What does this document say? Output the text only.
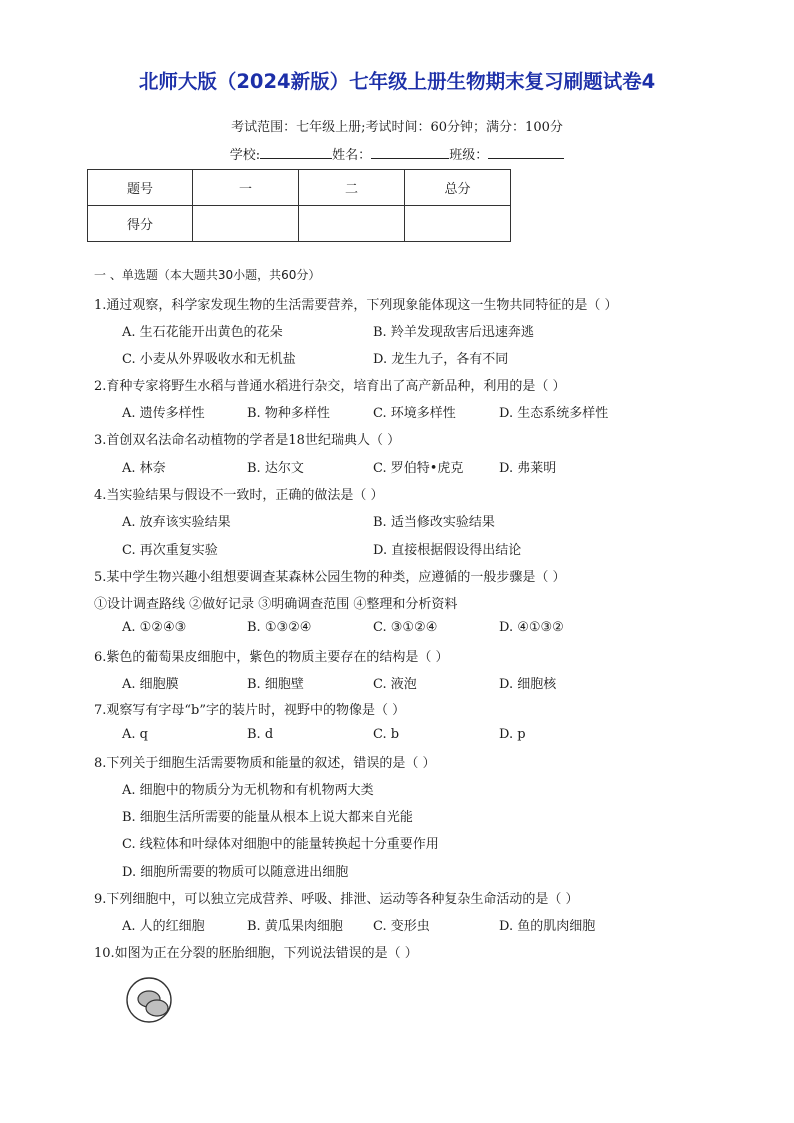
北师大版（2024新版）七年级上册生物期末复习刷题试卷4
考试范围：七年级上册;考试时间：60分钟；满分：100分
学校:	姓名：	班级：
题号	一	二	总分
得分			
一 、单选题（本大题共30小题，共60分）
1.通过观察，科学家发现生物的生活需要营养，下列现象能体现这一生物共同特征的是（ ）
A. 生石花能开出黄色的花朵	B. 羚羊发现敌害后迅速奔逃
C. 小麦从外界吸收水和无机盐	D. 龙生九子，各有不同
2.育种专家将野生水稻与普通水稻进行杂交，培育出了高产新品种，利用的是（ ）
A. 遗传多样性	B. 物种多样性	C. 环境多样性	D. 生态系统多样性
3.首创双名法命名动植物的学者是18世纪瑞典人（ ）
A. 林奈	B. 达尔文	C. 罗伯特•虎克	D. 弗莱明
4.当实验结果与假设不一致时，正确的做法是（ ）
A. 放弃该实验结果	B. 适当修改实验结果
C. 再次重复实验	D. 直接根据假设得出结论
5.某中学生物兴趣小组想要调查某森林公园生物的种类，应遵循的一般步骤是（ ）
①设计调查路线 ②做好记录 ③明确调查范围 ④整理和分析资料
A. ①②④③	B. ①③②④	C. ③①②④	D. ④①③②
6.紫色的葡萄果皮细胞中，紫色的物质主要存在的结构是（ ）
A. 细胞膜	B. 细胞壁	C. 液泡	D. 细胞核
7.观察写有字母“b”字的装片时，视野中的物像是（ ）
A. q	B. d	C. b	D. p
8.下列关于细胞生活需要物质和能量的叙述，错误的是（ ）
A. 细胞中的物质分为无机物和有机物两大类
B. 细胞生活所需要的能量从根本上说大都来自光能
C. 线粒体和叶绿体对细胞中的能量转换起十分重要作用
D. 细胞所需要的物质可以随意进出细胞
9.下列细胞中，可以独立完成营养、呼吸、排泄、运动等各种复杂生命活动的是（ ）
A. 人的红细胞	B. 黄瓜果肉细胞 C. 变形虫	D. 鱼的肌肉细胞
10.如图为正在分裂的胚胎细胞，下列说法错误的是（ ）
